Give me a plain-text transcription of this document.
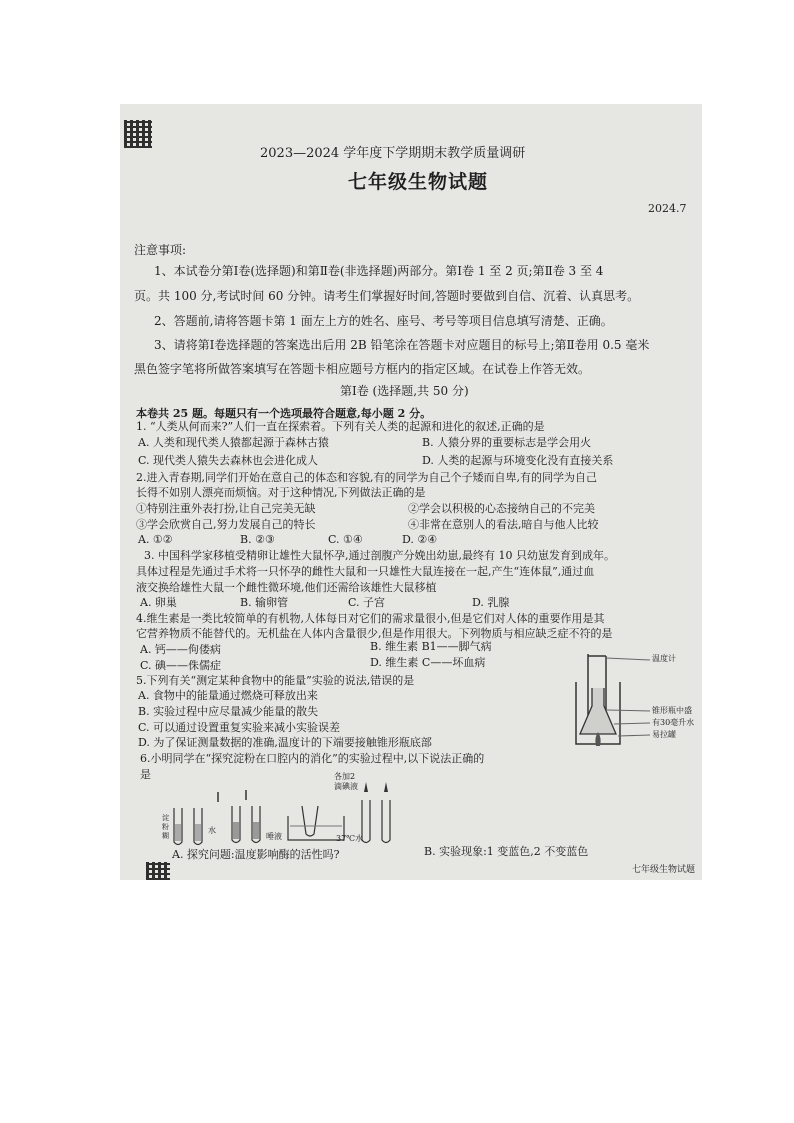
2023—2024 学年度下学期期末教学质量调研
七年级生物试题
2024.7
注意事项:
1、本试卷分第Ⅰ卷(选择题)和第Ⅱ卷(非选择题)两部分。第Ⅰ卷 1 至 2 页;第Ⅱ卷 3 至 4
页。共 100 分,考试时间 60 分钟。请考生们掌握好时间,答题时要做到自信、沉着、认真思考。
2、答题前,请将答题卡第 1 面左上方的姓名、座号、考号等项目信息填写清楚、正确。
3、请将第Ⅰ卷选择题的答案选出后用 2B 铅笔涂在答题卡对应题目的标号上;第Ⅱ卷用 0.5 毫米
黑色签字笔将所做答案填写在答题卡相应题号方框内的指定区域。在试卷上作答无效。
第Ⅰ卷 (选择题,共 50 分)
本卷共 25 题。每题只有一个选项最符合题意,每小题 2 分。
1. “人类从何而来?”人们一直在探索着。下列有关人类的起源和进化的叙述,正确的是
A. 人类和现代类人猿都起源于森林古猿	B. 人猿分界的重要标志是学会用火
C. 现代类人猿失去森林也会进化成人	D. 人类的起源与环境变化没有直接关系
2.进入青春期,同学们开始在意自己的体态和容貌,有的同学为自己个子矮而自卑,有的同学为自己
长得不如别人漂亮而烦恼。对于这种情况,下列做法正确的是
①特别注重外表打扮,让自己完美无缺	②学会以积极的心态接纳自己的不完美
③学会欣赏自己,努力发展自己的特长	④非常在意别人的看法,暗自与他人比较
A. ①②	B. ②③	C. ①④	D. ②④
3. 中国科学家移植受精卵让雄性大鼠怀孕,通过剖腹产分娩出幼崽,最终有 10 只幼崽发育到成年。
具体过程是先通过手术将一只怀孕的雌性大鼠和一只雄性大鼠连接在一起,产生“连体鼠”,通过血
液交换给雄性大鼠一个雌性微环境,他们还需给该雄性大鼠移植
A. 卵巢	B. 输卵管	C. 子宫	D. 乳腺
4.维生素是一类比较简单的有机物,人体每日对它们的需求量很小,但是它们对人体的重要作用是其
它营养物质不能替代的。无机盐在人体内含量很少,但是作用很大。下列物质与相应缺乏症不符的是
A. 钙——佝偻病	B. 维生素 B1——脚气病
C. 碘——侏儒症	D. 维生素 C——坏血病
5.下列有关“测定某种食物中的能量”实验的说法,错误的是
A. 食物中的能量通过燃烧可释放出来
B. 实验过程中应尽量减少能量的散失
C. 可以通过设置重复实验来减小实验误差
D. 为了保证测量数据的准确,温度计的下端要接触锥形瓶底部
温度计
锥形瓶中盛
有30毫升水
易拉罐
6.小明同学在“探究淀粉在口腔内的消化”的实验过程中,以下说法正确的
是	各加2 滴碘液
淀粉糊
水
唾液	37℃水
A. 探究问题:温度影响酶的活性吗?	B. 实验现象:1 变蓝色,2 不变蓝色
七年级生物试题
